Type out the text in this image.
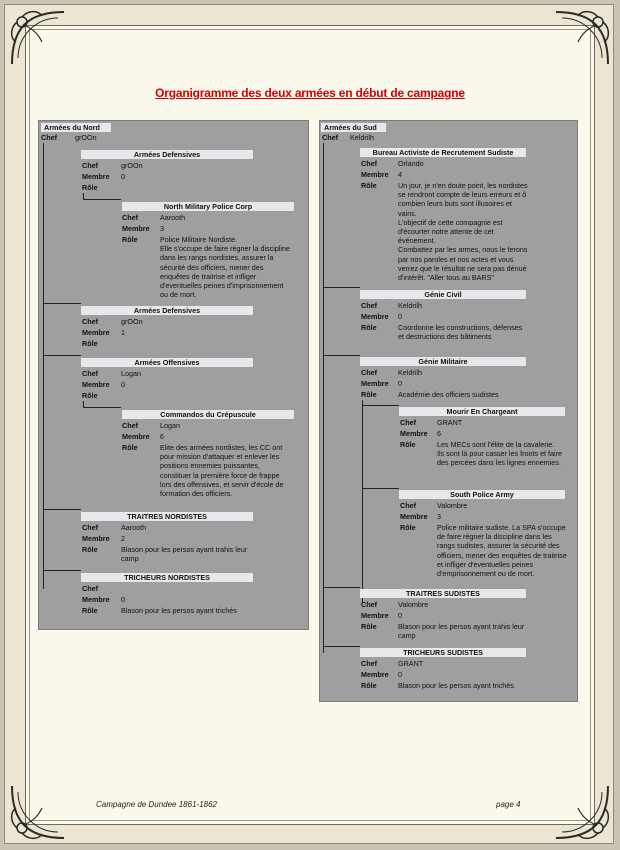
Organigramme des deux armées en début de campagne
Armées du Nord
Chef	grOOn
Armées Defensives
Chef	grOOn
Membre 0
Rôle
North Military Police Corp
Chef	Aarooth
Membre 3
Rôle	Police Militaire Nordiste.
Elle s'occupe de faire régner la discipline dans les rangs nordistes, assurer la sécurité des officiers, mener des enquêtes de traitrise et infliger d'eventuelles peines d'imprisonnement ou de mort.
Armées Defensives
Chef	grOOn
Membre 1
Rôle
Armées Offensives
Chef	Logan
Membre 0
Rôle
Commandos du Crépuscule
Chef	Logan
Membre 6
Rôle	Elite des armées nordistes, les CC ont pour mission d'attaquer et enlever les positions ennemies puissantes, constituer la première force de frappe lors des offensives, et servir d'école de formation des officiers.
TRAITRES NORDISTES
Chef	Aarooth
Membre 2
Rôle	Blason pour les persos ayant trahis leur camp
TRICHEURS NORDISTES
Chef
Membre 0
Rôle	Blason pour les persos ayant trichés
Armées du Sud
Chef Keldrilh
Bureau Activiste de Recrutement Sudiste
Chef	Orlando
Membre 4
Rôle	Un jour, je n'en doute point, les nordistes se rendront compte de leurs erreurs et ô combien leurs buts sont illusoires et vains.
L'objectif de cette compagnie est d'écourter notre attente de cet événement.
Combattez par les armes, nous le ferons par nos paroles et nos actes et vous verrez que le résultat ne sera pas dénué d'intérêt. "Aller tous au BARS"
Génie Civil
Chef	Keldrilh
Membre 0
Rôle	Coordonne les constructions, défenses et destructions des bâtiments
Génie Militaire
Chef	Keldrilh
Membre 0
Rôle	Académie des officiers sudistes
Mourir En Chargeant
Chef	GRANT
Membre 6
Rôle	Les MECs sont l'élite de la cavalerie.
Ils sont là pour casser les fronts et faire des percées dans les lignes ennemies.
South Police Army
Chef	Valombre
Membre 3
Rôle	Police militaire sudiste. La SPA s'occupe de faire régner la discipline dans les rangs sudistes, assurer la sécurité des officiers, mener des enquêtes de traitrise et infliger d'eventuelles peines d'emprisonnement ou de mort.
TRAITRES SUDISTES
Chef	Valombre
Membre 0
Rôle	Blason pour les persos ayant trahis leur camp
TRICHEURS SUDISTES
Chef	GRANT
Membre 0
Rôle	Blason pour les persos ayant trichés
Campagne de Dundee 1861-1862	page 4
